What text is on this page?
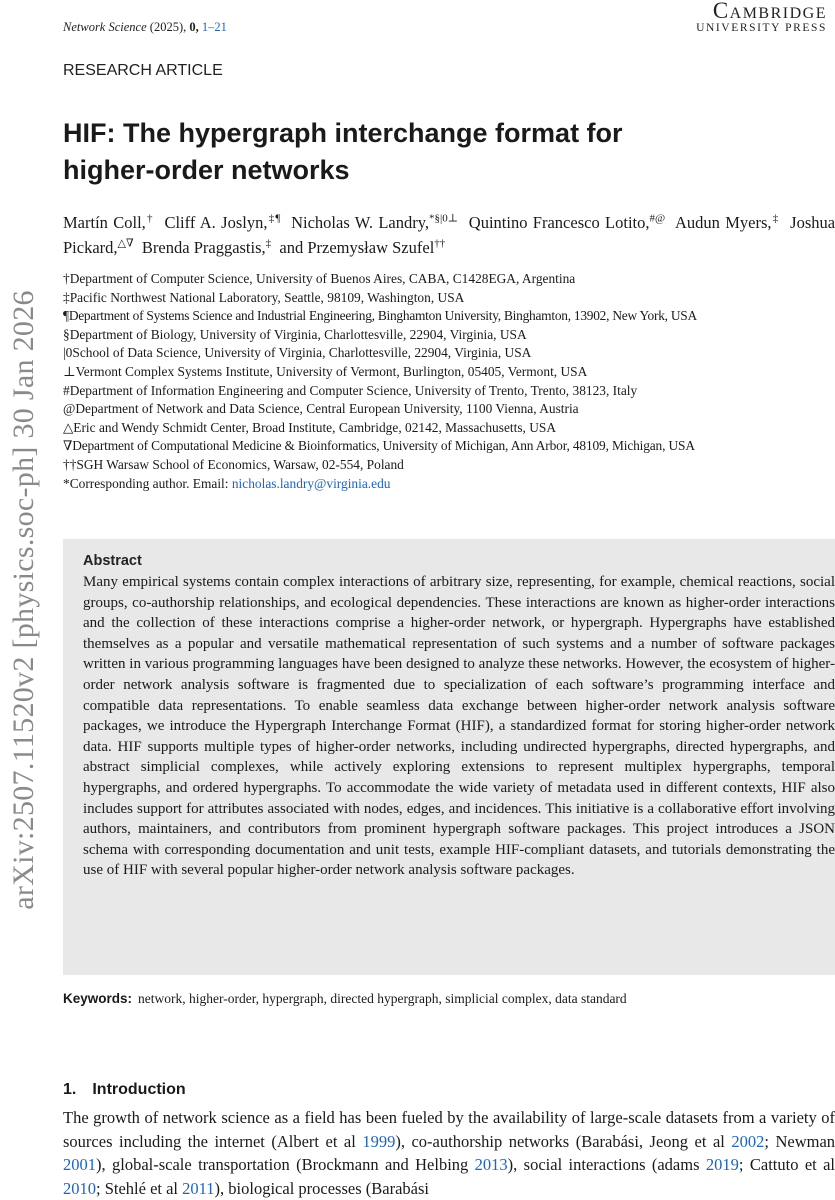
arXiv:2507.11520v2 [physics.soc-ph] 30 Jan 2026
Network Science (2025), 0, 1–21
Cambridge
UNIVERSITY PRESS
RESEARCH ARTICLE
HIF: The hypergraph interchange format for
higher-order networks
Martín Coll,† Cliff A. Joslyn,‡¶ Nicholas W. Landry,$^{*\S|0\perp}$ Quintino Francesco Lotito,#@ Audun Myers,‡ Joshua Pickard,△∇ Brenda Praggastis,‡ and Przemysław Szufel††
†Department of Computer Science, University of Buenos Aires, CABA, C1428EGA, Argentina
‡Pacific Northwest National Laboratory, Seattle, 98109, Washington, USA
¶Department of Systems Science and Industrial Engineering, Binghamton University, Binghamton, 13902, New York, USA
§Department of Biology, University of Virginia, Charlottesville, 22904, Virginia, USA
|0School of Data Science, University of Virginia, Charlottesville, 22904, Virginia, USA
⊥Vermont Complex Systems Institute, University of Vermont, Burlington, 05405, Vermont, USA
#Department of Information Engineering and Computer Science, University of Trento, Trento, 38123, Italy
@Department of Network and Data Science, Central European University, 1100 Vienna, Austria
△Eric and Wendy Schmidt Center, Broad Institute, Cambridge, 02142, Massachusetts, USA
∇Department of Computational Medicine & Bioinformatics, University of Michigan, Ann Arbor, 48109, Michigan, USA
††SGH Warsaw School of Economics, Warsaw, 02-554, Poland
*Corresponding author. Email: nicholas.landry@virginia.edu
Abstract
Many empirical systems contain complex interactions of arbitrary size, representing, for example, chemical reactions, social groups, co-authorship relationships, and ecological dependencies. These interactions are known as higher-order interactions and the collection of these interactions comprise a higher-order network, or hypergraph. Hypergraphs have established themselves as a popular and versatile mathematical representation of such systems and a number of software packages written in various programming languages have been designed to analyze these networks. However, the ecosystem of higher-order network analysis software is fragmented due to specialization of each software’s programming interface and compatible data representations. To enable seamless data exchange between higher-order network analysis software packages, we introduce the Hypergraph Interchange Format (HIF), a standardized format for storing higher-order network data. HIF supports multiple types of higher-order networks, including undirected hypergraphs, directed hypergraphs, and abstract simplicial complexes, while actively exploring extensions to represent multiplex hypergraphs, temporal hypergraphs, and ordered hypergraphs. To accommodate the wide variety of metadata used in different contexts, HIF also includes support for attributes associated with nodes, edges, and incidences. This initiative is a collaborative effort involving authors, maintainers, and contributors from prominent hypergraph software packages. This project introduces a JSON schema with corresponding documentation and unit tests, example HIF-compliant datasets, and tutorials demonstrating the use of HIF with several popular higher-order network analysis software packages.
Keywords: network, higher-order, hypergraph, directed hypergraph, simplicial complex, data standard
1. Introduction
The growth of network science as a field has been fueled by the availability of large-scale datasets from a variety of sources including the internet (Albert et al 1999), co-authorship networks (Barabási, Jeong et al 2002; Newman 2001), global-scale transportation (Brockmann and Helbing 2013), social interactions (adams 2019; Cattuto et al 2010; Stehlé et al 2011), biological processes (Barabási
